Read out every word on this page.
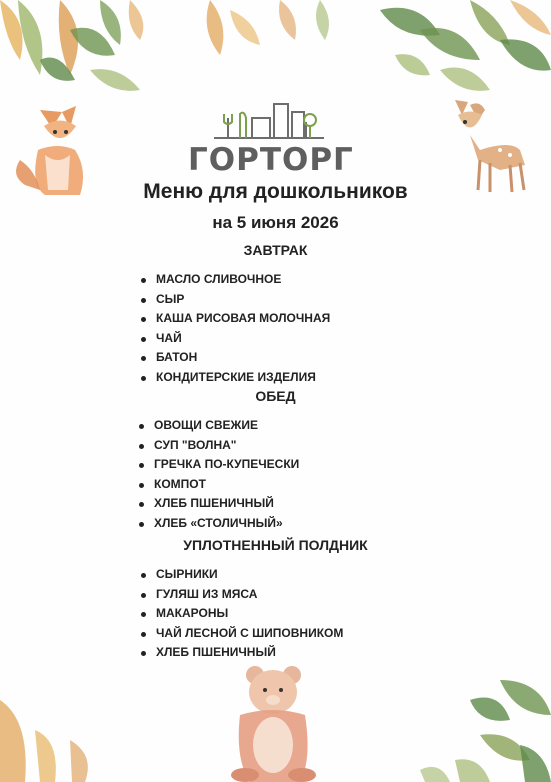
ГОРТОРГ
Меню для дошкольников
на 5 июня 2026
ЗАВТРАК
МАСЛО СЛИВОЧНОЕ
СЫР
КАША РИСОВАЯ МОЛОЧНАЯ
ЧАЙ
БАТОН
КОНДИТЕРСКИЕ ИЗДЕЛИЯ
ОБЕД
ОВОЩИ СВЕЖИЕ
СУП "ВОЛНА"
ГРЕЧКА ПО-КУПЕЧЕСКИ
КОМПОТ
ХЛЕБ ПШЕНИЧНЫЙ
ХЛЕБ «СТОЛИЧНЫЙ»
УПЛОТНЕННЫЙ ПОЛДНИК
СЫРНИКИ
ГУЛЯШ ИЗ МЯСА
МАКАРОНЫ
ЧАЙ ЛЕСНОЙ С ШИПОВНИКОМ
ХЛЕБ ПШЕНИЧНЫЙ
